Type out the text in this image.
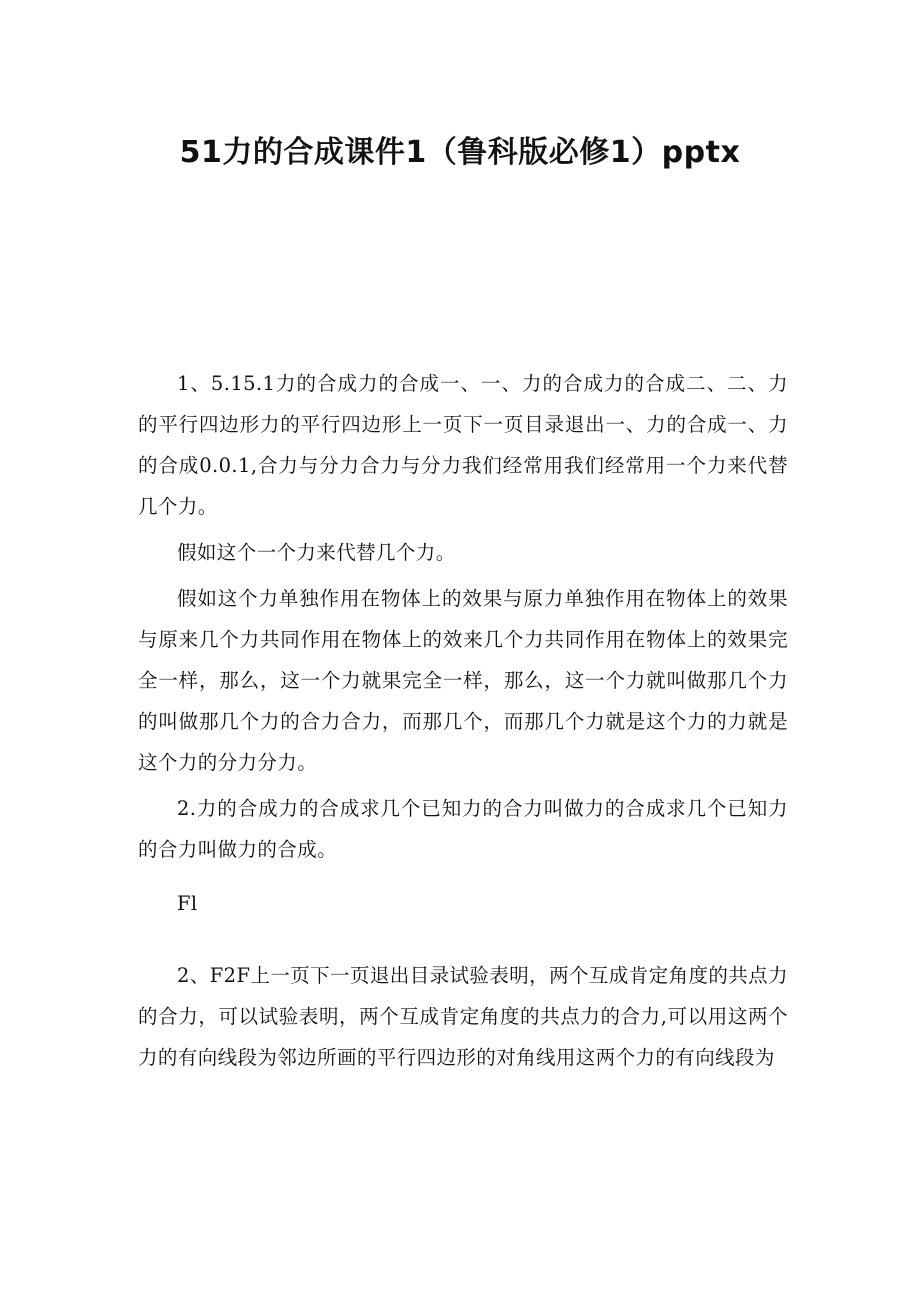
51力的合成课件1（鲁科版必修1）pptx

1、5.15.1力的合成力的合成一、一、力的合成力的合成二、二、力的平行四边形力的平行四边形上一页下一页目录退出一、力的合成一、力的合成0.0.1,合力与分力合力与分力我们经常用我们经常用一个力来代替几个力。

假如这个一个力来代替几个力。

假如这个力单独作用在物体上的效果与原力单独作用在物体上的效果与原来几个力共同作用在物体上的效来几个力共同作用在物体上的效果完全一样，那么，这一个力就果完全一样，那么，这一个力就叫做那几个力的叫做那几个力的合力合力，而那几个，而那几个力就是这个力的力就是这个力的分力分力。

2.力的合成力的合成求几个已知力的合力叫做力的合成求几个已知力的合力叫做力的合成。

Fl

2、F2F上一页下一页退出目录试验表明，两个互成肯定角度的共点力的合力，可以试验表明，两个互成肯定角度的共点力的合力,可以用这两个力的有向线段为邻边所画的平行四边形的对角线用这两个力的有向线段为
